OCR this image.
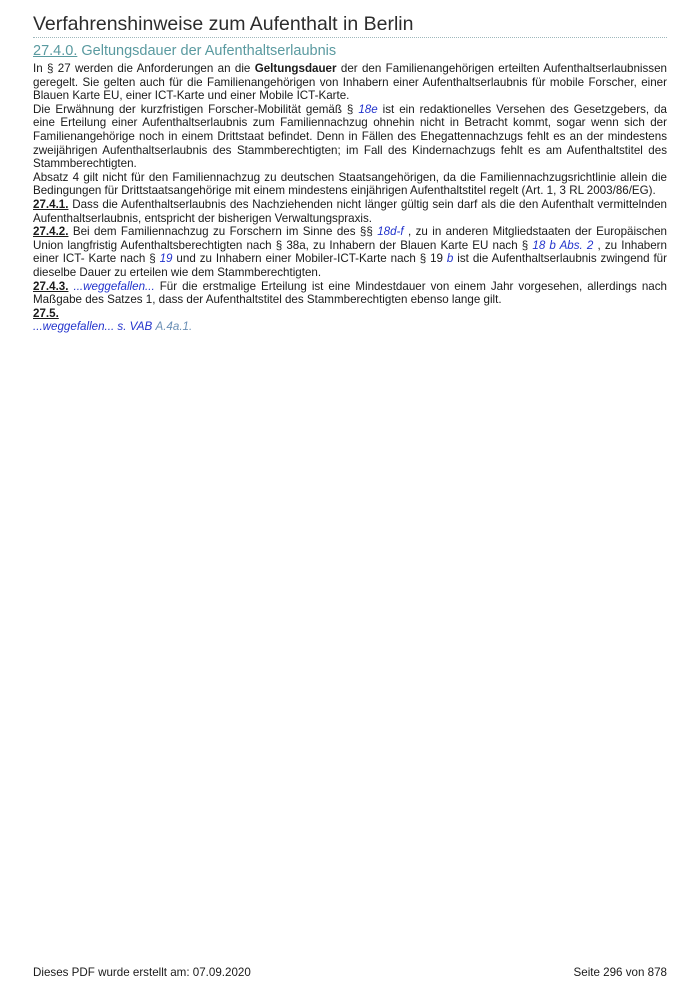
Verfahrenshinweise zum Aufenthalt in Berlin
27.4.0. Geltungsdauer der Aufenthaltserlaubnis

In § 27 werden die Anforderungen an die Geltungsdauer der den Familienangehörigen erteilten Aufenthaltserlaubnissen geregelt. Sie gelten auch für die Familienangehörigen von Inhabern einer Aufenthaltserlaubnis für mobile Forscher, einer Blauen Karte EU, einer ICT-Karte und einer Mobile ICT-Karte.

Die Erwähnung der kurzfristigen Forscher-Mobilität gemäß § 18e ist ein redaktionelles Versehen des Gesetzgebers, da eine Erteilung einer Aufenthaltserlaubnis zum Familiennachzug ohnehin nicht in Betracht kommt, sogar wenn sich der Familienangehörige noch in einem Drittstaat befindet. Denn in Fällen des Ehegattennachzugs fehlt es an der mindestens zweijährigen Aufenthaltserlaubnis des Stammberechtigten; im Fall des Kindernachzugs fehlt es am Aufenthaltstitel des Stammberechtigten.

Absatz 4 gilt nicht für den Familiennachzug zu deutschen Staatsangehörigen, da die Familiennachzugsrichtlinie allein die Bedingungen für Drittstaatsangehörige mit einem mindestens einjährigen Aufenthaltstitel regelt (Art. 1, 3 RL 2003/86/EG).

27.4.1. Dass die Aufenthaltserlaubnis des Nachziehenden nicht länger gültig sein darf als die den Aufenthalt vermittelnden Aufenthaltserlaubnis, entspricht der bisherigen Verwaltungspraxis.

27.4.2. Bei dem Familiennachzug zu Forschern im Sinne des §§ 18d-f , zu in anderen Mitgliedstaaten der Europäischen Union langfristig Aufenthaltsberechtigten nach § 38a, zu Inhabern der Blauen Karte EU nach § 18 b Abs. 2 , zu Inhabern einer ICT- Karte nach § 19 und zu Inhabern einer Mobiler-ICT-Karte nach § 19 b ist die Aufenthaltserlaubnis zwingend für dieselbe Dauer zu erteilen wie dem Stammberechtigten.

27.4.3. ...weggefallen... Für die erstmalige Erteilung ist eine Mindestdauer von einem Jahr vorgesehen, allerdings nach Maßgabe des Satzes 1, dass der Aufenthaltstitel des Stammberechtigten ebenso lange gilt.

27.5.

...weggefallen... s. VAB A.4a.1.

Dieses PDF wurde erstellt am: 07.09.2020	Seite 296 von 878
